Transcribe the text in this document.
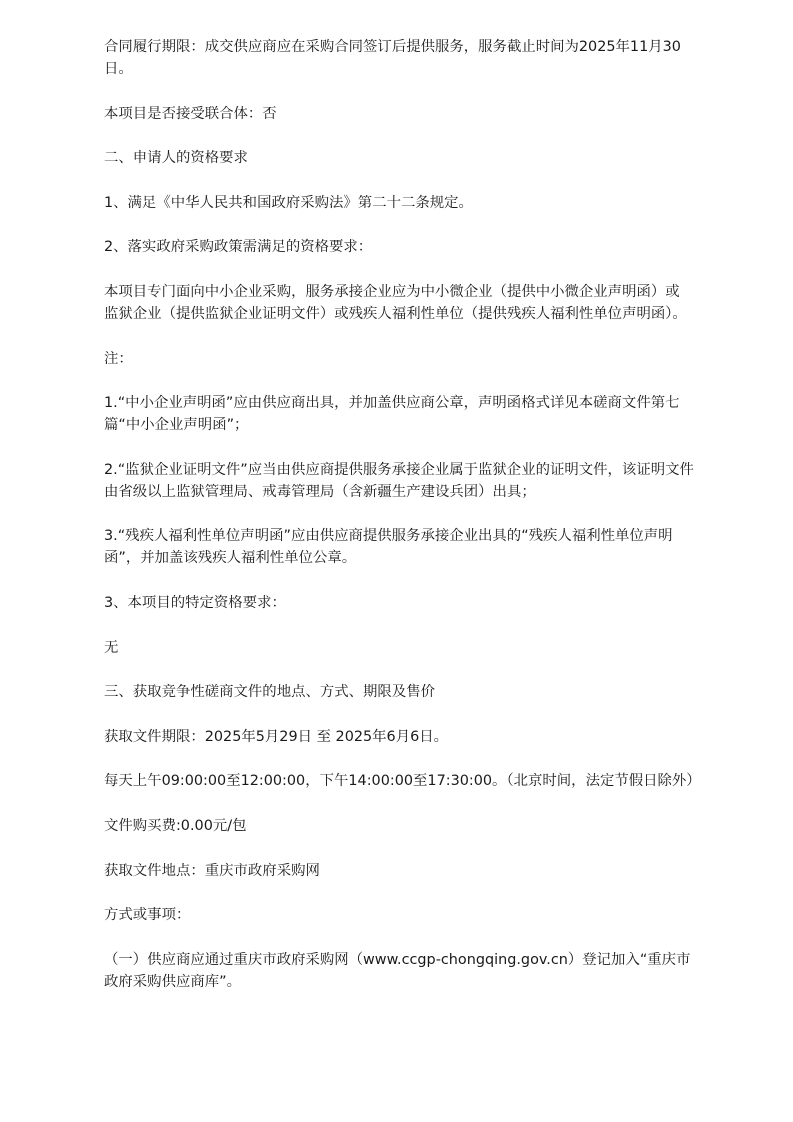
合同履行期限：成交供应商应在采购合同签订后提供服务，服务截止时间为2025年11月30日。

本项目是否接受联合体：否

二、申请人的资格要求

1、满足《中华人民共和国政府采购法》第二十二条规定。

2、落实政府采购政策需满足的资格要求：

本项目专门面向中小企业采购，服务承接企业应为中小微企业（提供中小微企业声明函）或监狱企业（提供监狱企业证明文件）或残疾人福利性单位（提供残疾人福利性单位声明函）。

注：

1.“中小企业声明函”应由供应商出具，并加盖供应商公章，声明函格式详见本磋商文件第七篇“中小企业声明函”；

2.“监狱企业证明文件”应当由供应商提供服务承接企业属于监狱企业的证明文件，该证明文件由省级以上监狱管理局、戒毒管理局（含新疆生产建设兵团）出具；

3.“残疾人福利性单位声明函”应由供应商提供服务承接企业出具的“残疾人福利性单位声明函”，并加盖该残疾人福利性单位公章。

3、本项目的特定资格要求：

无

三、获取竞争性磋商文件的地点、方式、期限及售价

获取文件期限：2025年5月29日 至 2025年6月6日。

每天上午09:00:00至12:00:00，下午14:00:00至17:30:00。（北京时间，法定节假日除外）

文件购买费:0.00元/包

获取文件地点：重庆市政府采购网

方式或事项：

（一）供应商应通过重庆市政府采购网（www.ccgp-chongqing.gov.cn）登记加入“重庆市政府采购供应商库”。
